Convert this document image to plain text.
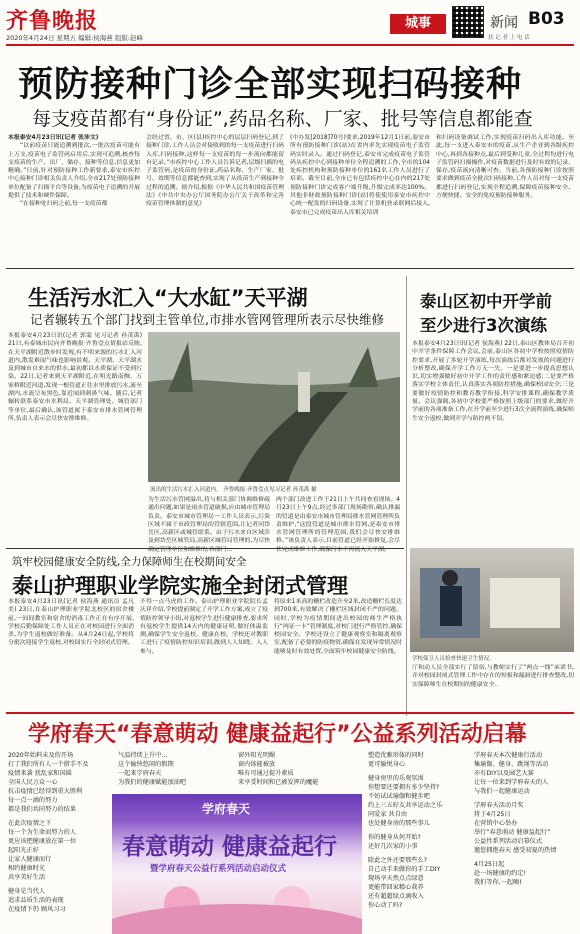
齐鲁晚报
2020年4月24日 星期五 编辑:侯海燕 组版:赵峰
城事	新闻 B03
扶 记 者 上 电 话
预防接种门诊全部实现扫码接种
每支疫苗都有“身份证”,药品名称、厂家、批号等信息都能查
本报泰安4月23日讯(记者 张沛文)
“以前疫苗只能追溯到批次,一批次疫苗可能有上万支,疫苗电子监管码启用后,实现可追溯,核查每支疫苗的生产、出厂、储存、接种等信息,信息更加精确。”日前,针对预防接种工作新要求,泰安市疾控中心接种门诊相关负责人介绍,全市217处预防接种单位配备了扫描平台等设备,为疫苗电子追溯的开展提供了技术和硬件保障。
“在接种处扫码之前,每一支疫苗都
会经过省、市、区(县)疾控中心的层层扫码登记,到了接种门诊,工作人员会对接收到的每一支疫苗进行扫码入库,扫码接种,这样每一支疫苗的每一步流向都能留有记录。”市疾控中心工作人员告诉记者,层级扫描的电子监管码,是疫苗的身份证,药品名称、生产厂家、批号、效期等信息都能查到,实现了从疫苗生产到接种全过程的追溯。据介绍,根据《中华人民共和国疫苗管理法》《中共中央办公厅国务院办公厅关于改革和完善疫苗管理体制的意见》
(中办发[2018]70号)要求,2019年12月1日前,泰安市所有预防接种门诊(站)在省内率先实现疫苗电子监管码实时录入。通过扫码登记,泰安市完成疫苗电子监管码从疾控中心到接种单位全程追溯的工作,全市的104处疾控机构和预防接种单位的161名工作人员进行了培训。截至目前,全市已有包括疾控中心在内的217处预防接种门诊完成客户端升级,升级完成率达100%。其他非财政预防接种门诊(站)将使使用泰安市疾控中心统一配发的扫码设备,实现了计算机登录联网后接入,泰安市已完成疫苗出入库相关培训
和扫码设备调试工作,实现疫苗扫码出入库功能。至此,每一支进入泰安市的疫苗,从生产企业到各级疾控中心,再到各接种点,最后到受种儿童,全过程均进行电子监管码扫描操作,对疫苗数据进行及时有效的记录、保存,疫苗流向清晰可查。当前,各预防接种门诊按照要求做到疫苗全批次扫码接种,工作人员对每一支疫苗都进行扫码登记,实现全程追溯,保障疫苗接种安全、方便快捷、安全的免疫预防接种服务。
生活污水汇入“大水缸”天平湖
记者辗转五个部门找到主管单位,市排水管网管理所表示尽快维修
本报泰安4月23日讯(记者 郭蒙 见习记者 孙茂禹) 21日,有泰城市民向齐鲁晚报·齐鲁壹点情报站反映,在天平湖附近散步时发现,有不明来源的污水汇入河道内,散发难闻气味也影响景观。天平湖、天平湖水及到城市自来水的供水,最初都以水质保证不受到污染。22日,记者来到天平湖附近,在明光路南侧、万家桥附近河道,发现一根管道正往水里排放污水,流至湖内,水流呈灰黑色,靠近闻到刺鼻气味。随后,记者辗转联系泰安市水利局、天平湖管理处、城管部门等单位,最后确认,该管道属于泰安市排水管网管理所,负责人表示会尽快安排维修。
流出的生活污水汇入河道内。 齐鲁晚报·齐鲁壹点见习记者 孙茂禹 摄
为生活污水管网溢出,将与相关部门协调维修疏通出问题,如果是雨水管道破损,应由城市管理局负责。泰安市城市管理局一工作人员表示,污染区域不属于市政管理局的管辖范围,让记者同岱岳区,高新区或城管联系。由于污水来自区域涉及到岱岳区城管局,高新区城管局管理的,为尽快确定管理单位和维修的,各部门...
两个部门改进工作于21日上午共同查看现场。4月23日上午9点,经过多部门现场勘察,确认排漏的管道是由泰安市城市管理局排水管网管理所负责维护,“这段管道是城市排水管网,是泰安市排水管网管理所的管理范围,我们会尽快安排维修。”该负责人表示,目前管道已经开始修复,会尽快完成维修工作,确保污水不再流入天平湖。
泰山区初中开学前
至少进行3次演练
本报泰安4月23日讯(记者 侯海燕) 22日,泰山区教体局召开初中开学条件保障工作会议,会前,泰山区各初中学校按照疫情防控要求,开展了多轮开学演练,每次演练后都对发现的问题进行分析整改,确保开学工作万无一失。一是要进一步提高思想认识,切实增强做好初中开学工作的责任感和紧迫感;二是要严格落实学校主体责任,认真落实各项防控措施,确保校园安全;三是要做好疫情防控和教育教学衔接,科学安排课程,确保教学质量。会议强调,各初中学校要严格按照上级部门的要求,做好开学前的各项准备工作,在开学前至少进行3次全流程演练,确保师生安全返校,做到开学与防控两不误。
学校保卫人员检查快递卫生情况。
厅和动人员全部实行了留宿,与教师实行了“两点一线”承诺书,并对校园封闭式管理工作中存在的短板和漏洞进行排查整改,切实保障师生在校期间的健康安全。
筑牢校园健康安全防线,全力保障师生在校期间安全
泰山护理职业学院实施全封闭式管理
本报泰安4月23日讯(记者 侯海燕 通讯员 孟凡美) 23日,在泰山护理职业学院北校区的宿舍楼前,一间间教室和宿舍的消毒工作正在有序开展,学校后勤保障处工作人员正在对校园进行全面消杀,为学生返校做好准备。从4月24日起,学校将分批次迎接学生返校,对校园实行全封闭式管理。
不得一点马虎的工作。泰山护理职业学院院长孟庆祥介绍,学校提前制定了开学工作方案,成立了疫情防控领导小组,对返校学生进行健康排查,要求所有返校学生提供14天内的健康证明,做好体温监测,确保学生安全返校、健康在校。学校还对教职工进行了疫情防控知识培训,做到人人知晓、人人参与。
将原来1米高的栅栏改造升至2米,改造栅栏长度达到700米,有效解决了栅栏区域封闭不严的问题。同时,学校为疫情期间进出校园的师生严格执行“两证一卡”管理制度,对校门进行严格管控,确保校园安全。学校还设立了健康观察室和隔离观察室,配备了必要的防疫物资,确保在发现异常情况时能够及时有效处置,全面筑牢校园健康安全防线。
学府春天“春意萌动 健康益起行”公益系列活动启幕
2020年始料未及的开场
打了我们所有人一个措手不及
疫情来袭 扰乱家和国圆
全国人民万众一心
抗击疫情已经得到重大胜利
每一点一滴的努力
都是我们共同努力的结果
在此次疫情之下
每一个为生命而努力的人
更应该把健康放在第一位
起阳光正好
让家人健康而行
相约健康时光
共享美好生活
健身是当代人
追求品质生活的表现
在疫情下仍 顾风习习
气温持续上升中…
这个愉快悠闲的假期
一起来学府春天
为我们的健康赋能加油吧
窗外阳光明媚
窗内体能被放
唯有可通过提升素质
来享受时间和已被发挥的魔能
学府春天
春意萌动 健康益起行
暨学府春天公益行系列活动启动仪式
塑造优雅形体的同时
更可愉悦身心
健身房里的乐观氛围
你想要还要拥有多少坚持?
不妨试试瑜伽和健步吧
约上三五好友共享运动之乐
同爱家 共自由
也处健身房的那些事儿
你的健身从何开始?
还好几次家的小事
除此之外还要那些么?
自己动手来做你的手工DIY
现场享天然点点绿意
更能带回家精心栽养
还有超超绿点滴收入
你心动了吗?
学府春天本次健康行活动
集瑜伽、健身、跳绳等活动
亦有DIY以及园艺大赛
让每一位来到学府春天的人
与我们一起健康运动
学府春天活动月奖
将于4月25日
在营销中心举办
举行“春意萌动 健康益起行”
公益性系列活动启幕仪式
邀您拥抱春天 感受初夏的热情
4月25日起
赴一场健康的约定!
我们等你,一起嗨!
